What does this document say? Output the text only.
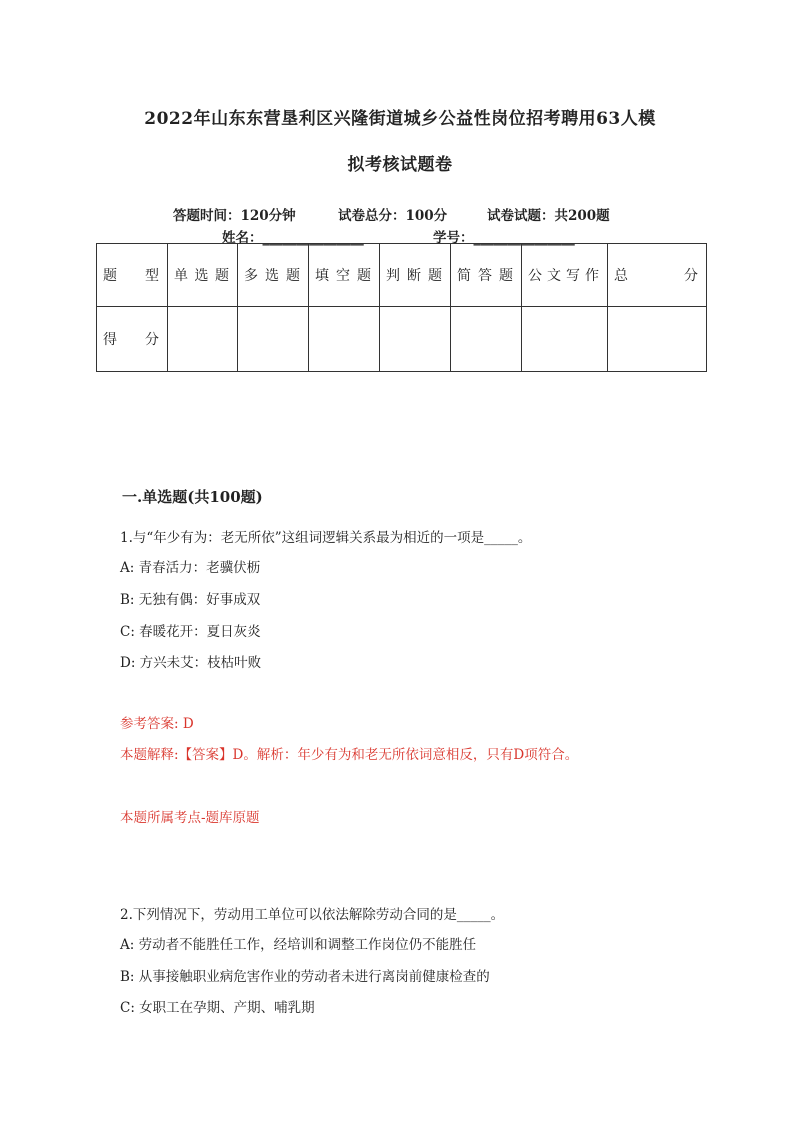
2022年山东东营垦利区兴隆街道城乡公益性岗位招考聘用63人模
拟考核试题卷
答题时间：120分钟	试卷总分：100分	试卷试题：共200题
姓名：_______________	学号：_______________
题 型	单选题	多选题	填空题	判断题	简答题	公文写作	总 分
得 分							
一.单选题(共100题)
1.与“年少有为：老无所依”这组词逻辑关系最为相近的一项是_____。
A: 青春活力：老骥伏枥
B: 无独有偶：好事成双
C: 春暖花开：夏日灰炎
D: 方兴未艾：枝枯叶败
参考答案: D
本题解释:【答案】D。解析：年少有为和老无所依词意相反，只有D项符合。
本题所属考点-题库原题
2.下列情况下，劳动用工单位可以依法解除劳动合同的是_____。
A: 劳动者不能胜任工作，经培训和调整工作岗位仍不能胜任
B: 从事接触职业病危害作业的劳动者未进行离岗前健康检查的
C: 女职工在孕期、产期、哺乳期
